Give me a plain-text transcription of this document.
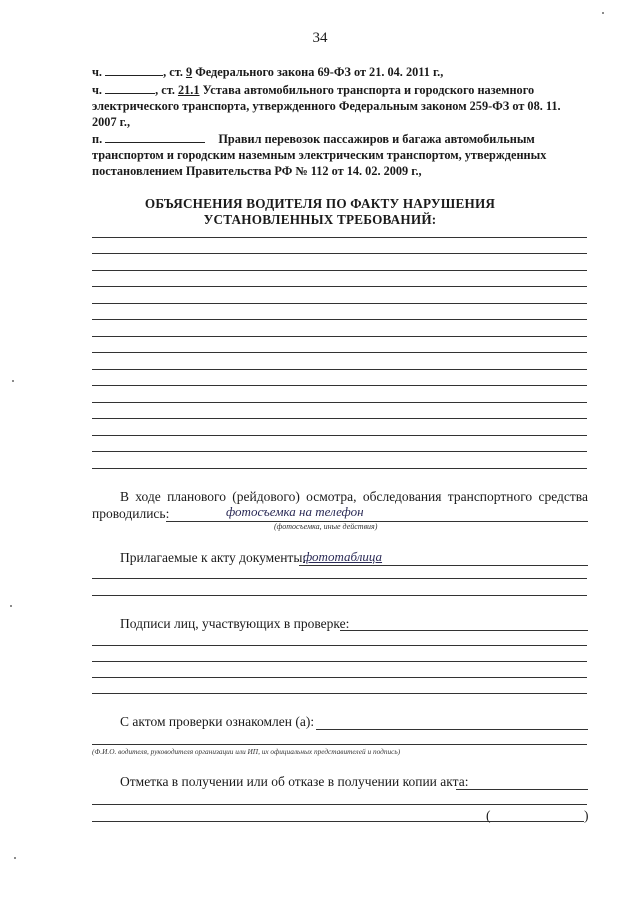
34
ч.	, ст. 9 Федерального закона 69-ФЗ от 21. 04. 2011 г.,
ч.	, ст. 21.1 Устава автомобильного транспорта и городского наземного
электрического транспорта, утвержденного Федеральным законом 259-ФЗ от 08. 11.
2007 г.,
п.	Правил перевозок пассажиров и багажа автомобильным
транспортом и городским наземным электрическим транспортом, утвержденных
постановлением Правительства РФ № 112 от 14. 02. 2009 г.,
ОБЪЯСНЕНИЯ ВОДИТЕЛЯ ПО ФАКТУ НАРУШЕНИЯ
УСТАНОВЛЕННЫХ ТРЕБОВАНИЙ:
В ходе планового (рейдового) осмотра, обследования транспортного средства
проводились:	фотосъемка на телефон
(фотосъемка, иные действия)
Прилагаемые к акту документы:
фототаблица
Подписи лиц, участвующих в проверке:
С актом проверки ознакомлен (а):
(Ф.И.О. водителя, руководителя организации или ИП, их официальных представителей и подпись)
Отметка в получении или об отказе в получении копии акта:
(	)
